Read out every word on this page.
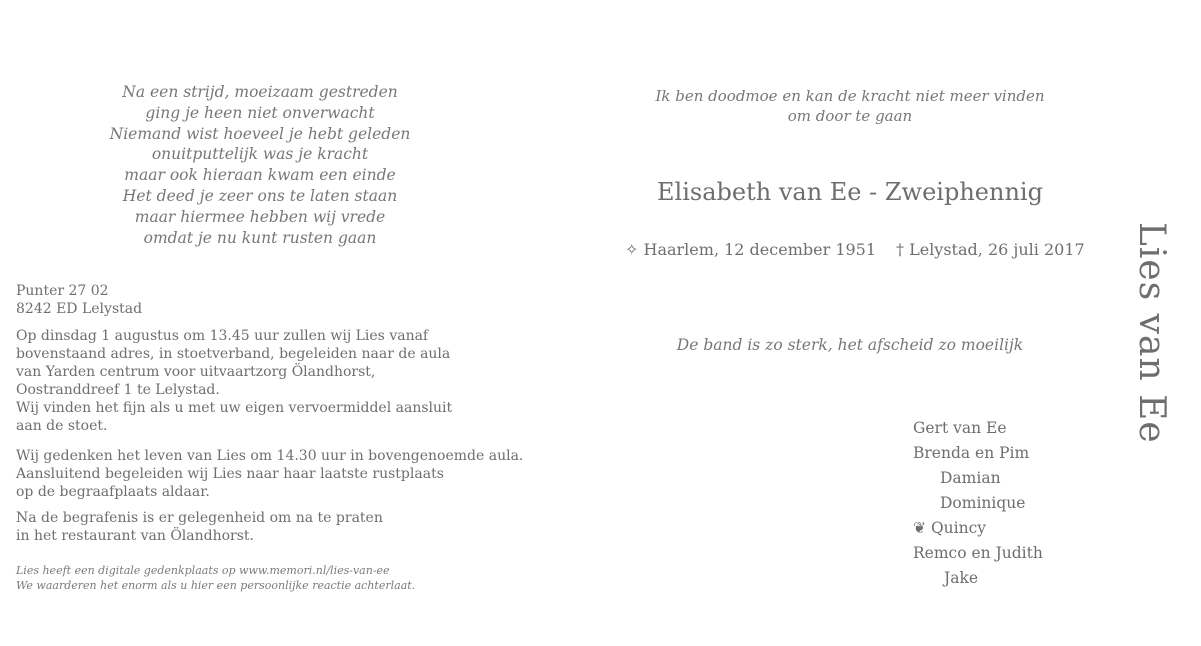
Na een strijd, moeizaam gestreden
ging je heen niet onverwacht
Niemand wist hoeveel je hebt geleden
onuitputtelijk was je kracht
maar ook hieraan kwam een einde
Het deed je zeer ons te laten staan
maar hiermee hebben wij vrede
omdat je nu kunt rusten gaan
Punter 27 02
8242 ED Lelystad
Op dinsdag 1 augustus om 13.45 uur zullen wij Lies vanaf
bovenstaand adres, in stoetverband, begeleiden naar de aula
van Yarden centrum voor uitvaartzorg Ölandhorst,
Oostranddreef 1 te Lelystad.
Wij vinden het fijn als u met uw eigen vervoermiddel aansluit
aan de stoet.
Wij gedenken het leven van Lies om 14.30 uur in bovengenoemde aula.
Aansluitend begeleiden wij Lies naar haar laatste rustplaats
op de begraafplaats aldaar.
Na de begrafenis is er gelegenheid om na te praten
in het restaurant van Ölandhorst.
Lies heeft een digitale gedenkplaats op www.memori.nl/lies-van-ee
We waarderen het enorm als u hier een persoonlijke reactie achterlaat.
Ik ben doodmoe en kan de kracht niet meer vinden
om door te gaan
Elisabeth van Ee - Zweiphennig
✧ Haarlem, 12 december 1951 † Lelystad, 26 juli 2017
De band is zo sterk, het afscheid zo moeilijk
Gert van Ee
Brenda en Pim
Damian
Dominique
❦ Quincy
Remco en Judith
Jake
Lies van Ee
